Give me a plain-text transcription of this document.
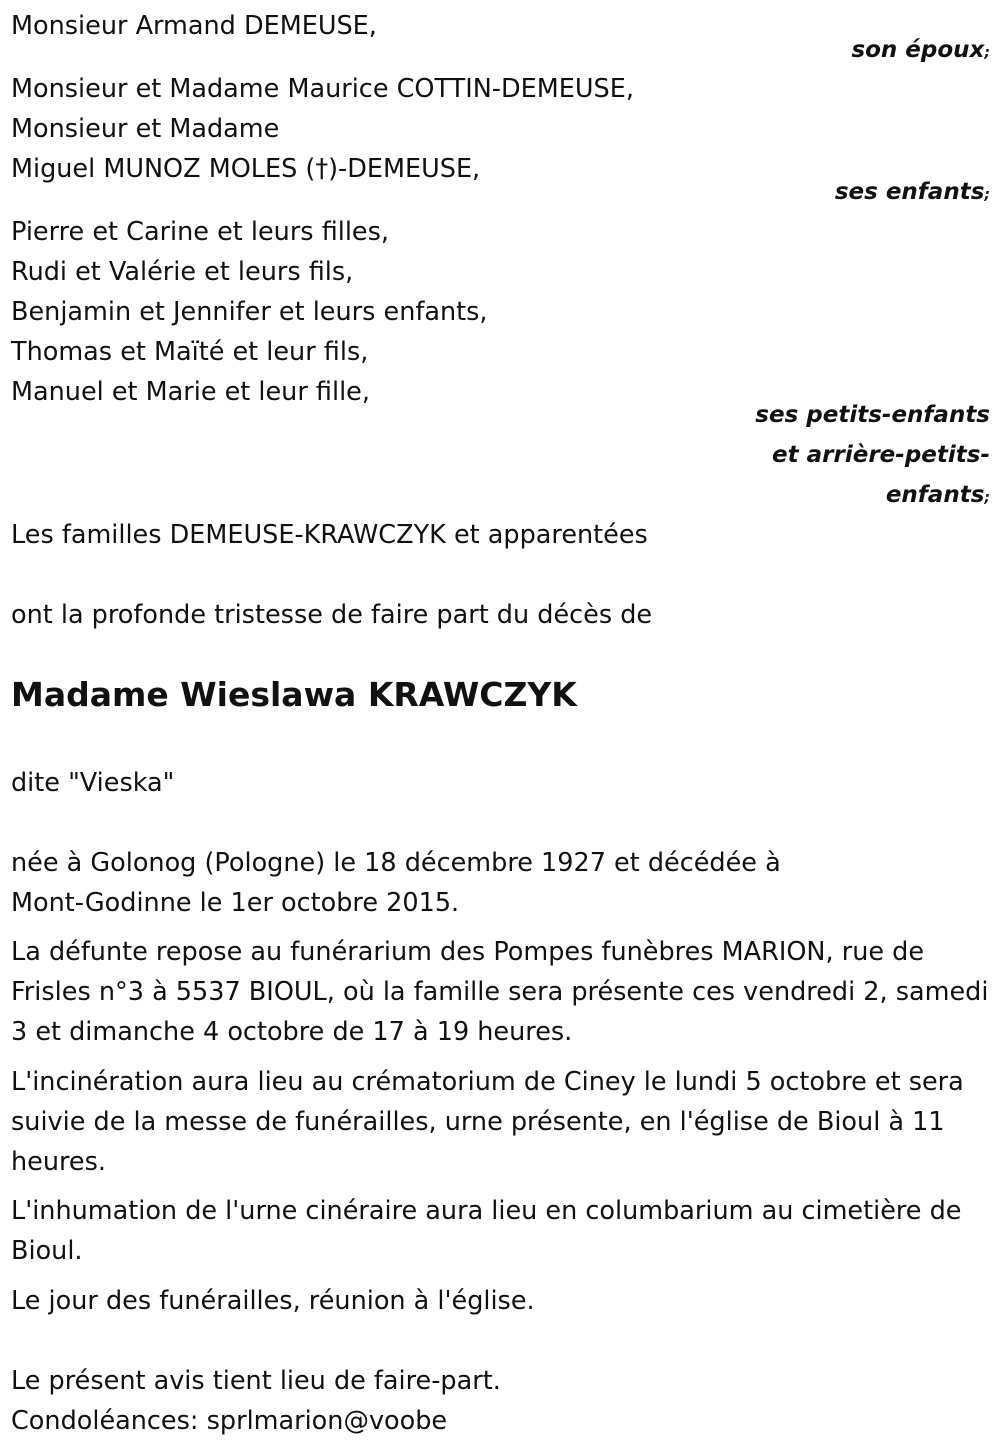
Monsieur Armand DEMEUSE,
son époux;
Monsieur et Madame Maurice COTTIN-DEMEUSE,
Monsieur et Madame
Miguel MUNOZ MOLES (†)-DEMEUSE,
ses enfants;
Pierre et Carine et leurs filles,
Rudi et Valérie et leurs fils,
Benjamin et Jennifer et leurs enfants,
Thomas et Maïté et leur fils,
Manuel et Marie et leur fille,
ses petits-enfants
et arrière-petits-
enfants;
Les familles DEMEUSE-KRAWCZYK et apparentées
ont la profonde tristesse de faire part du décès de
Madame Wieslawa KRAWCZYK
dite "Vieska"
née à Golonog (Pologne) le 18 décembre 1927 et décédée à
Mont-Godinne le 1er octobre 2015.
La défunte repose au funérarium des Pompes funèbres MARION, rue de Frisles n°3 à 5537 BIOUL, où la famille sera présente ces vendredi 2, samedi 3 et dimanche 4 octobre de 17 à 19 heures.
L'incinération aura lieu au crématorium de Ciney le lundi 5 octobre et sera suivie de la messe de funérailles, urne présente, en l'église de Bioul à 11 heures.
L'inhumation de l'urne cinéraire aura lieu en columbarium au cimetière de Bioul.
Le jour des funérailles, réunion à l'église.
Le présent avis tient lieu de faire-part.
Condoléances: sprlmarion@voobe
